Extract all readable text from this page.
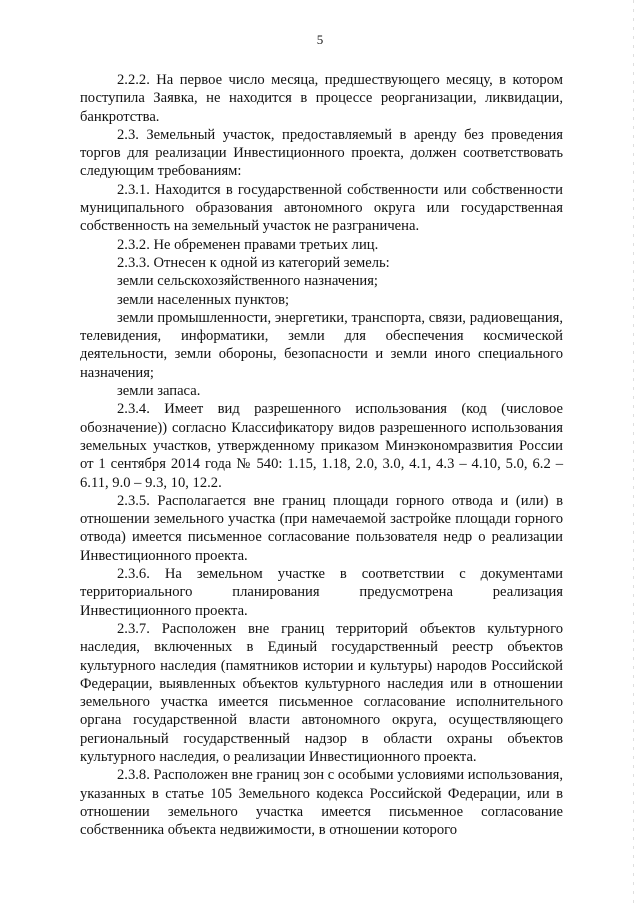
5

2.2.2. На первое число месяца, предшествующего месяцу, в котором поступила Заявка, не находится в процессе реорганизации, ликвидации, банкротства.

2.3. Земельный участок, предоставляемый в аренду без проведения торгов для реализации Инвестиционного проекта, должен соответствовать следующим требованиям:

2.3.1. Находится в государственной собственности или собственности муниципального образования автономного округа или государственная собственность на земельный участок не разграничена.

2.3.2. Не обременен правами третьих лиц.

2.3.3. Отнесен к одной из категорий земель:

земли сельскохозяйственного назначения;

земли населенных пунктов;

земли промышленности, энергетики, транспорта, связи, радиовещания, телевидения, информатики, земли для обеспечения космической деятельности, земли обороны, безопасности и земли иного специального назначения;

земли запаса.

2.3.4. Имеет вид разрешенного использования (код (числовое обозначение)) согласно Классификатору видов разрешенного использования земельных участков, утвержденному приказом Минэкономразвития России от 1 сентября 2014 года № 540: 1.15, 1.18, 2.0, 3.0, 4.1, 4.3 – 4.10, 5.0, 6.2 – 6.11, 9.0 – 9.3, 10, 12.2.

2.3.5. Располагается вне границ площади горного отвода и (или) в отношении земельного участка (при намечаемой застройке площади горного отвода) имеется письменное согласование пользователя недр о реализации Инвестиционного проекта.

2.3.6. На земельном участке в соответствии с документами территориального планирования предусмотрена реализация Инвестиционного проекта.

2.3.7. Расположен вне границ территорий объектов культурного наследия, включенных в Единый государственный реестр объектов культурного наследия (памятников истории и культуры) народов Российской Федерации, выявленных объектов культурного наследия или в отношении земельного участка имеется письменное согласование исполнительного органа государственной власти автономного округа, осуществляющего региональный государственный надзор в области охраны объектов культурного наследия, о реализации Инвестиционного проекта.

2.3.8. Расположен вне границ зон с особыми условиями использования, указанных в статье 105 Земельного кодекса Российской Федерации, или в отношении земельного участка имеется письменное согласование собственника объекта недвижимости, в отношении которого
